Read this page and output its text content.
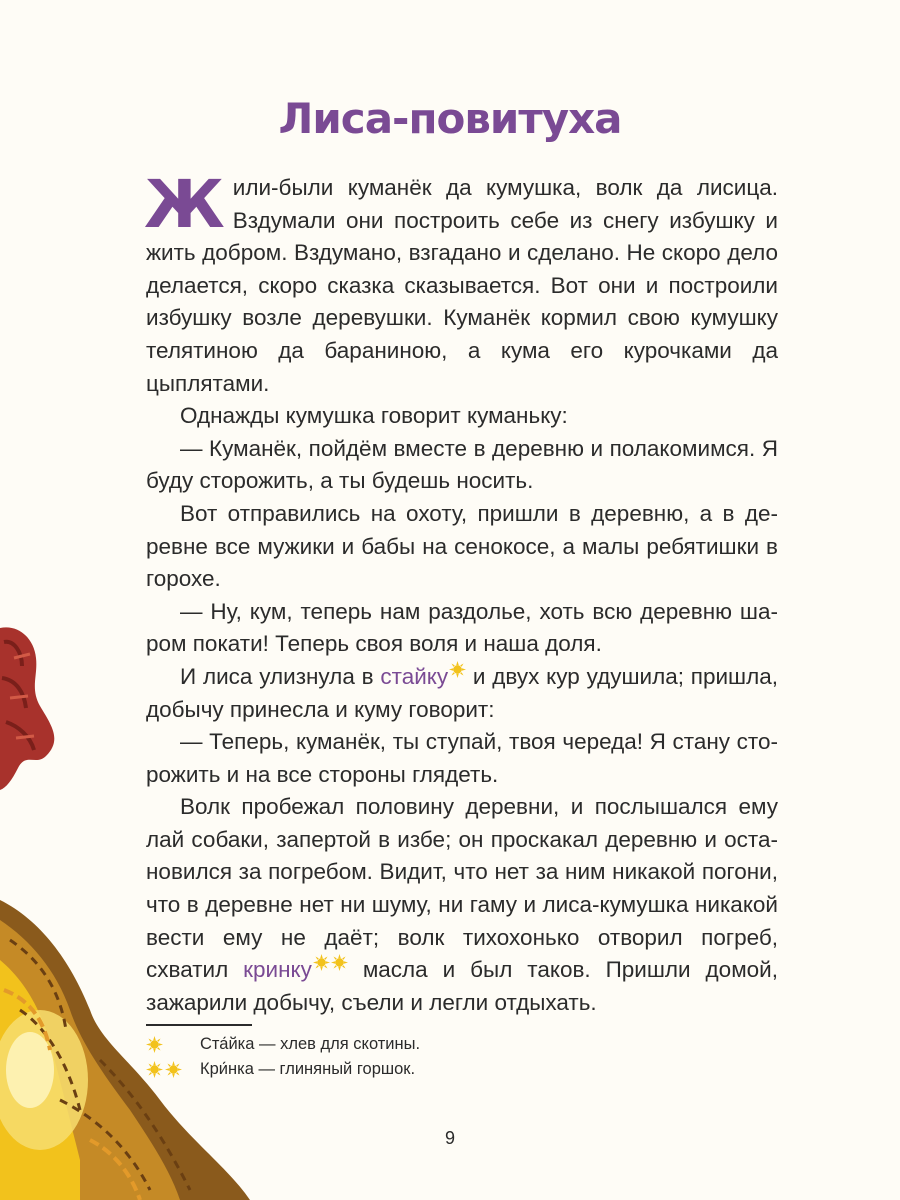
Лиса-повитуха

Жили-были куманёк да кумушка, волк да лисица. Вздумали они построить себе из снегу избушку и жить добром. Вздумано, взгадано и сделано. Не скоро дело делается, скоро сказка сказывается. Вот они и построили избушку возле деревушки. Куманёк кормил свою кумушку телятиною да бараниною, а кума его курочками да цыплятами.

Однажды кумушка говорит куманьку:

— Куманёк, пойдём вместе в деревню и полакомимся. Я буду сторожить, а ты будешь носить.

Вот отправились на охоту, пришли в деревню, а в деревне все мужики и бабы на сенокосе, а малы ребятишки в горохе.

— Ну, кум, теперь нам раздолье, хоть всю деревню шаром покати! Теперь своя воля и наша доля.

И лиса улизнула в стайку и двух кур удушила; пришла, добычу принесла и куму говорит:

— Теперь, куманёк, ты ступай, твоя череда! Я стану сторожить и на все стороны глядеть.

Волк пробежал половину деревни, и послышался ему лай собаки, запертой в избе; он проскакал деревню и остановился за погребом. Видит, что нет за ним никакой погони, что в деревне нет ни шуму, ни гаму и лиса-кумушка никакой вести ему не даёт; волк тихохонько отворил погреб, схватил кринку масла и был таков. Пришли домой, зажарили добычу, съели и легли отдыхать.

Ста́йка — хлев для скотины.
Кри́нка — глиняный горшок.
9
